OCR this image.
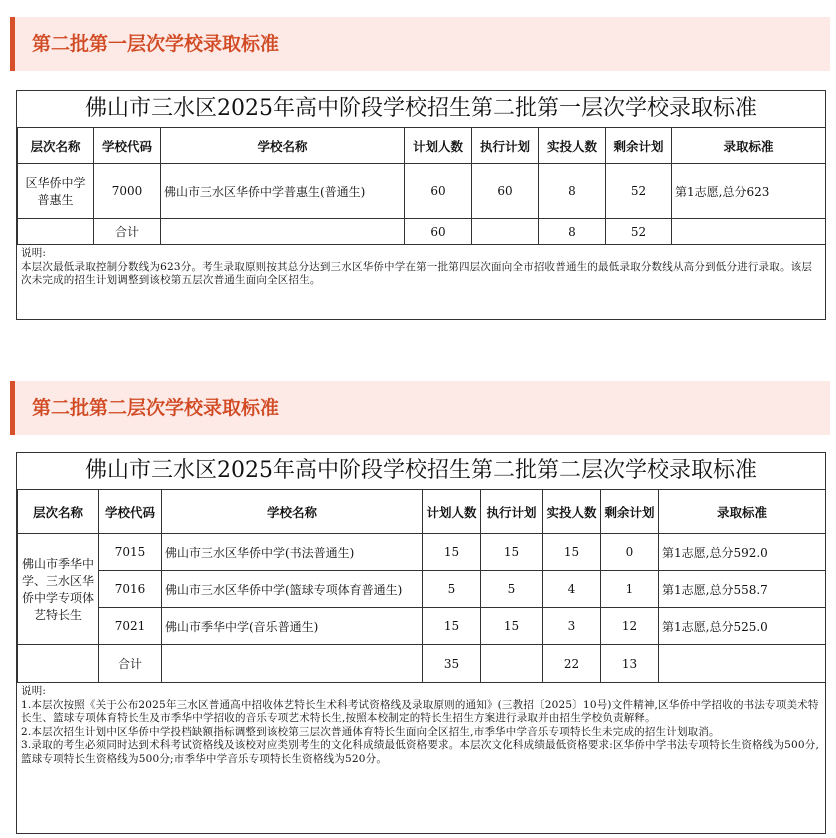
第二批第一层次学校录取标准
佛山市三水区2025年高中阶段学校招生第二批第一层次学校录取标准
层次名称	学校代码	学校名称	计划人数	执行计划	实投人数	剩余计划	录取标准
区华侨中学普惠生	7000	佛山市三水区华侨中学普惠生(普通生)	60	60	8	52	第1志愿,总分623
	合计		60		8	52	
说明:
本层次最低录取控制分数线为623分。考生录取原则按其总分达到三水区华侨中学在第一批第四层次面向全市招收普通生的最低录取分数线从高分到低分进行录取。该层次未完成的招生计划调整到该校第五层次普通生面向全区招生。
第二批第二层次学校录取标准
佛山市三水区2025年高中阶段学校招生第二批第二层次学校录取标准
层次名称	学校代码	学校名称	计划人数	执行计划	实投人数	剩余计划	录取标准
佛山市季华中学、三水区华侨中学专项体艺特长生	7015	佛山市三水区华侨中学(书法普通生)	15	15	15	0	第1志愿,总分592.0
	7016	佛山市三水区华侨中学(篮球专项体育普通生)	5	5	4	1	第1志愿,总分558.7
	7021	佛山市季华中学(音乐普通生)	15	15	3	12	第1志愿,总分525.0
	合计		35		22	13	
说明:
1.本层次按照《关于公布2025年三水区普通高中招收体艺特长生术科考试资格线及录取原则的通知》(三教招〔2025〕10号)文件精神,区华侨中学招收的书法专项美术特长生、篮球专项体育特长生及市季华中学招收的音乐专项艺术特长生,按照本校制定的特长生招生方案进行录取并由招生学校负责解释。
2.本层次招生计划中区华侨中学投档缺额指标调整到该校第三层次普通体育特长生面向全区招生,市季华中学音乐专项特长生未完成的招生计划取消。
3.录取的考生必须同时达到术科考试资格线及该校对应类别考生的文化科成绩最低资格要求。本层次文化科成绩最低资格要求:区华侨中学书法专项特长生资格线为500分,篮球专项特长生资格线为500分;市季华中学音乐专项特长生资格线为520分。
